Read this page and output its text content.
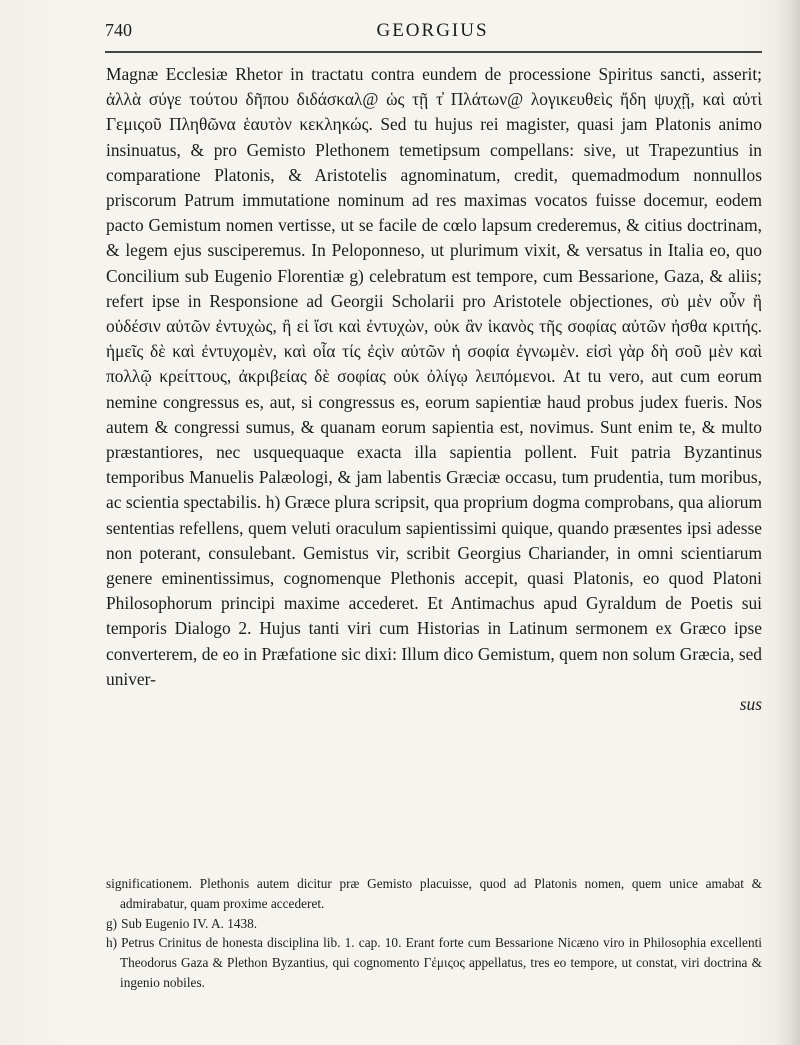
740	GEORGIUS

Magnæ Ecclesiæ Rhetor in tractatu contra eundem de processione Spiritus sancti, asserit; ἀλλὰ σύγε τούτου δῆπου διδάσκαλ@ ὡς τῇ τ̓ Πλάτων@ λογικευθεὶς ἤδη ψυχῇ, καὶ αὐτὶ Γεμιςοῦ Πληθῶνα ἑαυτὸν κεκληκώς. Sed tu hujus rei magister, quasi jam Platonis animo insinuatus, & pro Gemisto Plethonem temetipsum compellans: sive, ut Trapezuntius in comparatione Platonis, & Aristotelis agnominatum, credit, quemadmodum nonnullos priscorum Patrum immutatione nominum ad res maximas vocatos fuisse docemur, eodem pacto Gemistum nomen vertisse, ut se facile de cœlo lapsum crederemus, & citius doctrinam, & legem ejus susciperemus. In Peloponneso, ut plurimum vixit, & versatus in Italia eo, quo Concilium sub Eugenio Florentiæ g) celebratum est tempore, cum Bessarione, Gaza, & aliis; refert ipse in Responsione ad Georgii Scholarii pro Aristotele objectiones, σὺ μὲν οὖν ἢ οὐδέσιν αὐτῶν ἐντυχὼς, ἢ εἰ ἴσι καὶ ἐντυχὼν, οὐκ ἂν ἱκανὸς τῆς σοφίας αὐτῶν ἠσθα κριτής. ἡμεῖς δὲ καὶ ἐντυχομὲν, καὶ οἷα τίς ἐςὶν αὐτῶν ἡ σοφία ἐγνωμὲν. εἰσὶ γὰρ δὴ σοῦ μὲν καὶ πολλῷ κρείττους, ἀκριβείας δὲ σοφίας οὐκ ὀλίγῳ λειπόμενοι. At tu vero, aut cum eorum nemine congressus es, aut, si congressus es, eorum sapientiæ haud probus judex fueris. Nos autem & congressi sumus, & quanam eorum sapientia est, novimus. Sunt enim te, & multo præstantiores, nec usquequaque exacta illa sapientia pollent. Fuit patria Byzantinus temporibus Manuelis Palæologi, & jam labentis Græciæ occasu, tum prudentia, tum moribus, ac scientia spectabilis. h) Græce plura scripsit, qua proprium dogma comprobans, qua aliorum sententias refellens, quem veluti oraculum sapientissimi quique, quando præsentes ipsi adesse non poterant, consulebant. Gemistus vir, scribit Georgius Chariander, in omni scientiarum genere eminentissimus, cognomenque Plethonis accepit, quasi Platonis, eo quod Platoni Philosophorum principi maxime accederet. Et Antimachus apud Gyraldum de Poetis sui temporis Dialogo 2. Hujus tanti viri cum Historias in Latinum sermonem ex Græco ipse converterem, de eo in Præfatione sic dixi: Illum dico Gemistum, quem non solum Græcia, sed univer-

sus

significationem. Plethonis autem dicitur præ Gemisto placuisse, quod ad Platonis nomen, quem unice amabat & admirabatur, quam proxime accederet.

g) Sub Eugenio IV. A. 1438.

h) Petrus Crinitus de honesta disciplina lib. 1. cap. 10. Erant forte cum Bessarione Nicæno viro in Philosophia excellenti Theodorus Gaza & Plethon Byzantius, qui cognomento Γέμιςος appellatus, tres eo tempore, ut constat, viri doctrina & ingenio nobiles.
